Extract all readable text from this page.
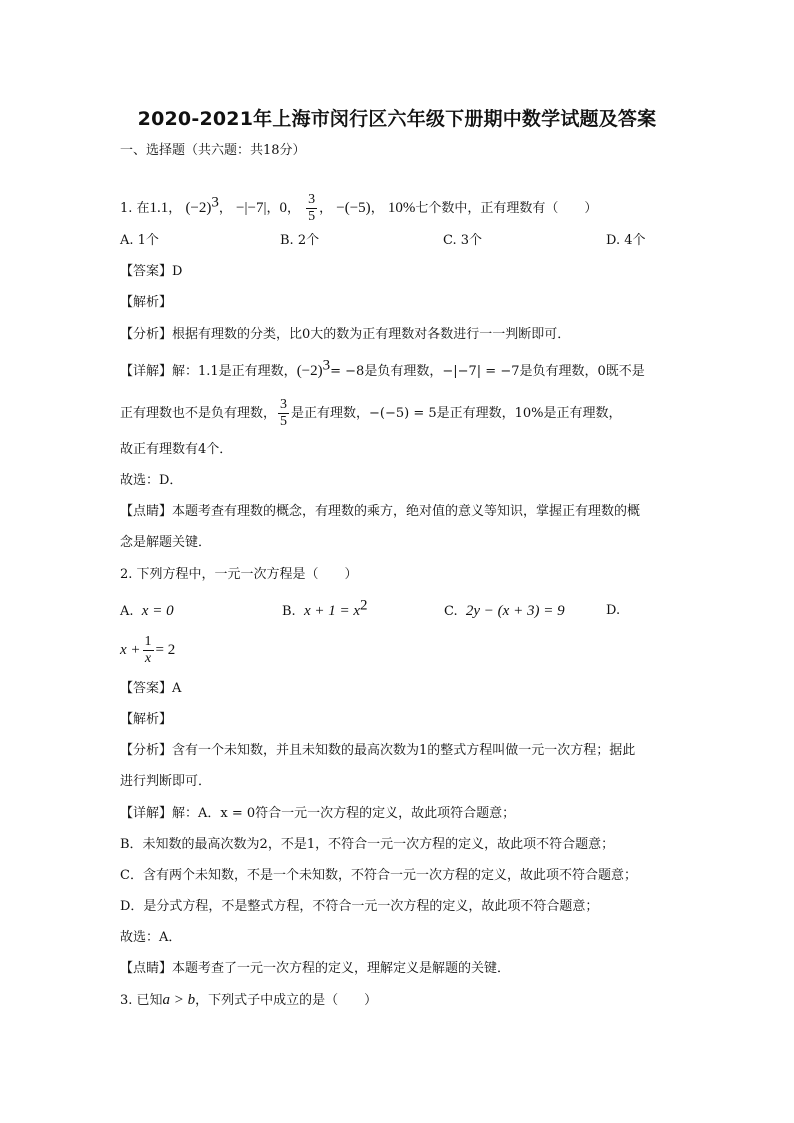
2020-2021年上海市闵行区六年级下册期中数学试题及答案
一、选择题（共六题：共18分）
1. 在1.1， $(-2)^3$， −|−7|，0， $\frac{3}{5}$ ， −(−5)， 10%七个数中，正有理数有（　　）
A. 1个	B. 2个	C. 3个	D. 4个
【答案】D
【解析】
【分析】根据有理数的分类，比0大的数为正有理数对各数进行一一判断即可．
【详解】解：1.1是正有理数，$(-2)^3= -8$是负有理数，−|−7| = −7是负有理数，0既不是
正有理数也不是负有理数， $\frac{3}{5}$ 是正有理数，−(−5) = 5是正有理数，10%是正有理数，
故正有理数有4个．
故选：D．
【点睛】本题考查有理数的概念，有理数的乘方，绝对值的意义等知识，掌握正有理数的概
念是解题关键．
2. 下列方程中，一元一次方程是（　　）
A. x = 0	B. $x + 1 = x^2$	C. 2y − (x + 3) = 9	D.
$x + \frac{1}{x} = 2$
【答案】A
【解析】
【分析】含有一个未知数，并且未知数的最高次数为1的整式方程叫做一元一次方程；据此
进行判断即可．
【详解】解：A．x = 0符合一元一次方程的定义，故此项符合题意；
B．未知数的最高次数为2，不是1，不符合一元一次方程的定义，故此项不符合题意；
C．含有两个未知数，不是一个未知数，不符合一元一次方程的定义，故此项不符合题意；
D．是分式方程，不是整式方程，不符合一元一次方程的定义，故此项不符合题意；
故选：A．
【点睛】本题考查了一元一次方程的定义，理解定义是解题的关键．
3. 已知a > b，下列式子中成立的是（　　）
